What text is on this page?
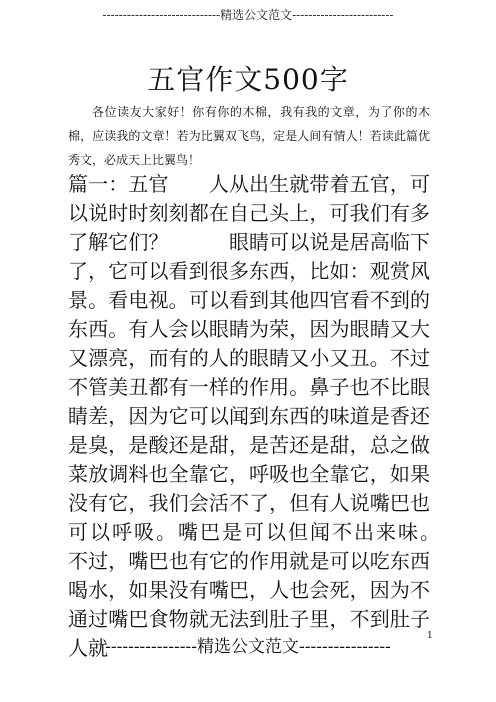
-----------------------------精选公文范文-------------------------
五官作文500字
各位读友大家好！你有你的木棉，我有我的文章，为了你的木棉，应读我的文章！若为比翼双飞鸟，定是人间有情人！若读此篇优秀文，必成天上比翼鸟！
篇一：五官　　人从出生就带着五官，可以说时时刻刻都在自己头上，可我们有多了解它们？　　　眼睛可以说是居高临下了，它可以看到很多东西，比如：观赏风景。看电视。可以看到其他四官看不到的东西。有人会以眼睛为荣，因为眼睛又大又漂亮，而有的人的眼睛又小又丑。不过不管美丑都有一样的作用。鼻子也不比眼睛差，因为它可以闻到东西的味道是香还是臭，是酸还是甜，是苦还是甜，总之做菜放调料也全靠它，呼吸也全靠它，如果没有它，我们会活不了，但有人说嘴巴也可以呼吸。嘴巴是可以但闻不出来味。　　　不过，嘴巴也有它的作用就是可以吃东西喝水，如果没有嘴巴，人也会死，因为不通过嘴巴食物就无法到肚子里，不到肚子人就	1
----------------精选公文范文----------------
